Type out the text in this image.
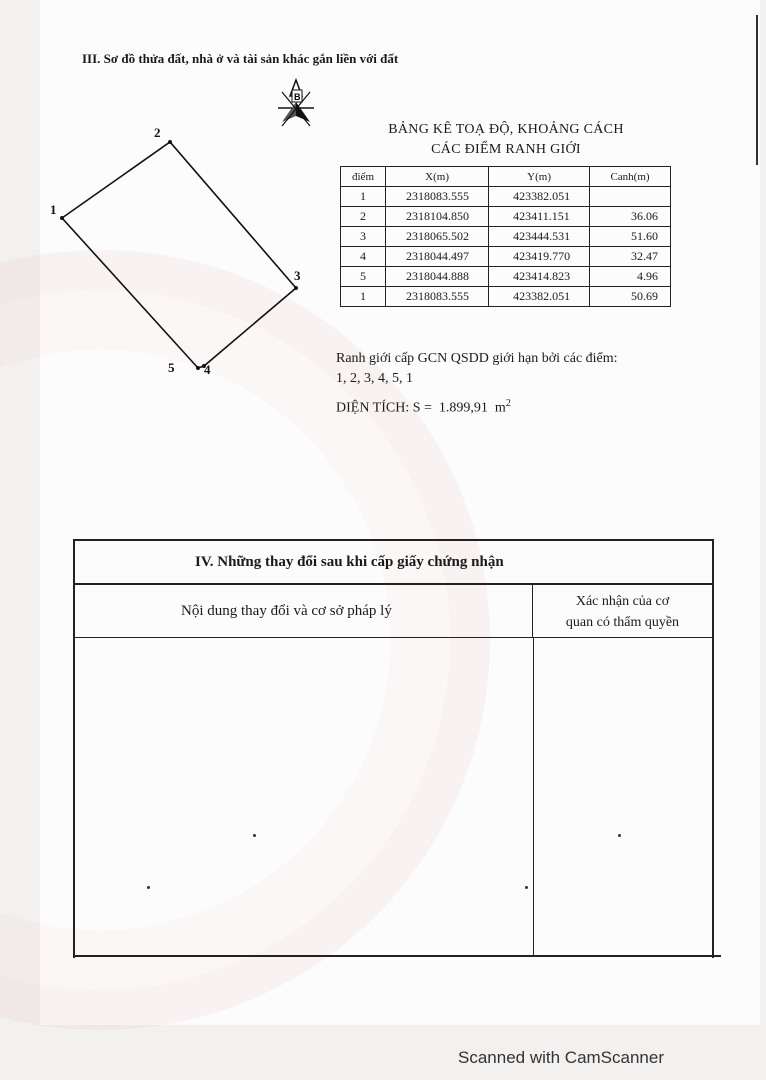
III. Sơ đồ thửa đất, nhà ở và tài sản khác gắn liền với đất
B
1
2
3
4
5
BẢNG KÊ TOẠ ĐỘ, KHOẢNG CÁCH
CÁC ĐIỂM RANH GIỚI
điểm	X(m)	Y(m)	Canh(m)
1	2318083.555	423382.051	
2	2318104.850	423411.151	36.06
3	2318065.502	423444.531	51.60
4	2318044.497	423419.770	32.47
5	2318044.888	423414.823	4.96
1	2318083.555	423382.051	50.69
Ranh giới cấp GCN QSDD giới hạn bởi các điểm:
1, 2, 3, 4, 5, 1
DIỆN TÍCH: S = 1.899,91 $m^2$
IV. Những thay đổi sau khi cấp giấy chứng nhận
Nội dung thay đổi và cơ sở pháp lý
Xác nhận của cơ
quan có thẩm quyền
Scanned with CamScanner
